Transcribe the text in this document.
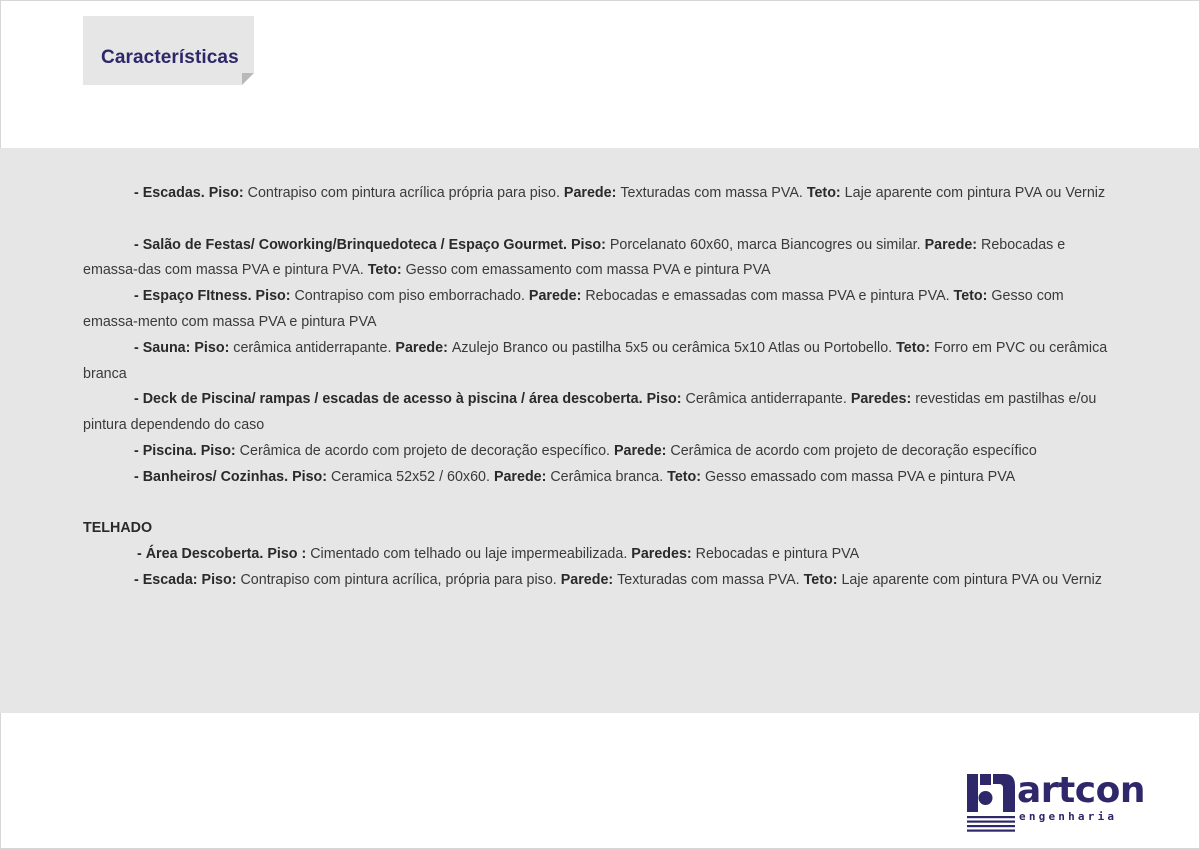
Características

- Escadas. Piso: Contrapiso com pintura acrílica própria para piso. Parede: Texturadas com massa PVA. Teto: Laje aparente com pintura PVA ou Verniz

- Salão de Festas/ Coworking/Brinquedoteca / Espaço Gourmet. Piso: Porcelanato 60x60, marca Biancogres ou similar. Parede: Rebocadas e emassa-das com massa PVA e pintura PVA. Teto: Gesso com emassamento com massa PVA e pintura PVA

- Espaço FItness. Piso: Contrapiso com piso emborrachado. Parede: Rebocadas e emassadas com massa PVA e pintura PVA. Teto: Gesso com emassa-mento com massa PVA e pintura PVA

- Sauna: Piso: cerâmica antiderrapante. Parede: Azulejo Branco ou pastilha 5x5 ou cerâmica 5x10 Atlas ou Portobello. Teto: Forro em PVC ou cerâmica branca

- Deck de Piscina/ rampas / escadas de acesso à piscina / área descoberta. Piso: Cerâmica antiderrapante. Paredes: revestidas em pastilhas e/ou pintura dependendo do caso

- Piscina. Piso: Cerâmica de acordo com projeto de decoração específico. Parede: Cerâmica de acordo com projeto de decoração específico

- Banheiros/ Cozinhas. Piso: Ceramica 52x52 / 60x60. Parede: Cerâmica branca. Teto: Gesso emassado com massa PVA e pintura PVA

TELHADO

- Área Descoberta. Piso : Cimentado com telhado ou laje impermeabilizada. Paredes: Rebocadas e pintura PVA

- Escada: Piso: Contrapiso com pintura acrílica, própria para piso. Parede: Texturadas com massa PVA. Teto: Laje aparente com pintura PVA ou Verniz

artcon
engenharia
